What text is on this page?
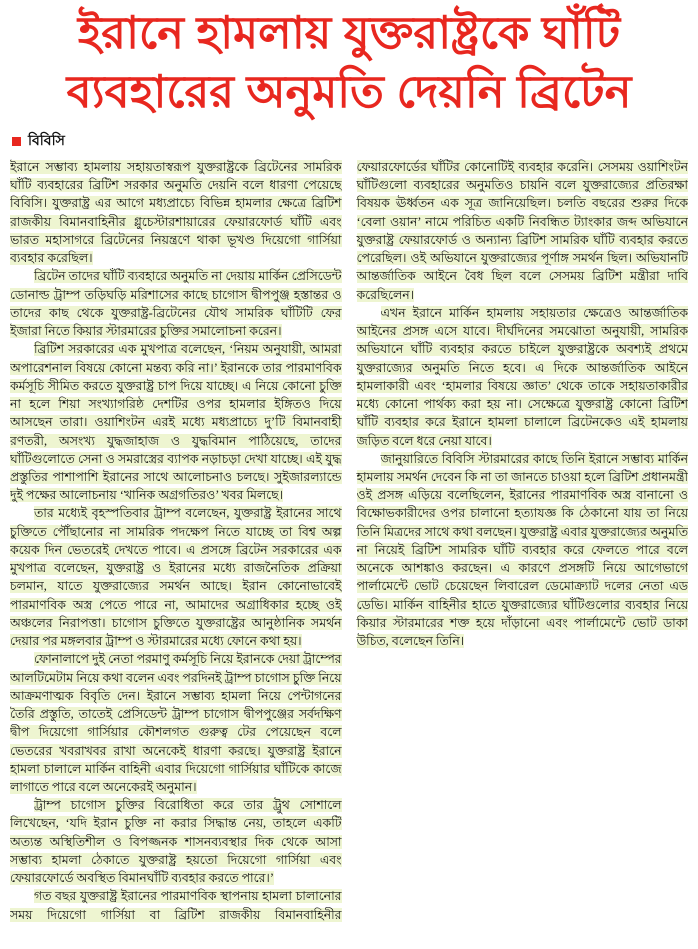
ইরানে হামলায় যুক্তরাষ্ট্রকে ঘাঁটি
ব্যবহারের অনুমতি দেয়নি ব্রিটেন
বিবিসি

ইরানে সম্ভাব্য হামলায় সহায়তাস্বরূপ যুক্তরাষ্ট্রকে ব্রিটেনের সামরিক ঘাঁটি ব্যবহারের ব্রিটিশ সরকার অনুমতি দেয়নি বলে ধারণা পেয়েছে বিবিসি। যুক্তরাষ্ট্র এর আগে মধ্যপ্রাচ্যে বিভিন্ন হামলার ক্ষেত্রে ব্রিটিশ রাজকীয় বিমানবাহিনীর গ্লুচেস্টারশায়ারের ফেয়ারফোর্ড ঘাঁটি এবং ভারত মহাসাগরে ব্রিটেনের নিয়ন্ত্রণে থাকা ভূখণ্ড দিয়েগো গার্সিয়া ব্যবহার করেছিল।

ব্রিটেন তাদের ঘাঁটি ব্যবহারে অনুমতি না দেয়ায় মার্কিন প্রেসিডেন্ট ডোনাল্ড ট্রাম্প তড়িঘড়ি মরিশাসের কাছে চাগোস দ্বীপপুঞ্জ হস্তান্তর ও তাদের কাছ থেকে যুক্তরাষ্ট্র-ব্রিটেনের যৌথ সামরিক ঘাঁটিটি ফের ইজারা নিতে কিয়ার স্টারমারের চুক্তির সমালোচনা করেন।

ব্রিটিশ সরকারের এক মুখপাত্র বলেছেন, ‘নিয়ম অনুযায়ী, আমরা অপারেশনাল বিষয়ে কোনো মন্তব্য করি না।’ ইরানকে তার পারমাণবিক কর্মসূচি সীমিত করতে যুক্তরাষ্ট্র চাপ দিয়ে যাচ্ছে। এ নিয়ে কোনো চুক্তি না হলে শিয়া সংখ্যাগরিষ্ঠ দেশটির ওপর হামলার ইঙ্গিতও দিয়ে আসছেন তারা। ওয়াশিংটন এরই মধ্যে মধ্যপ্রাচ্যে দু’টি বিমানবাহী রণতরী, অসংখ্য যুদ্ধজাহাজ ও যুদ্ধবিমান পাঠিয়েছে, তাদের ঘাঁটিগুলোতে সেনা ও সমরাস্ত্রের ব্যাপক নড়াচড়া দেখা যাচ্ছে। এই যুদ্ধ প্রস্তুতির পাশাপাশি ইরানের সাথে আলোচনাও চলছে। সুইজারল্যান্ডে দুই পক্ষের আলোচনায় ‘খানিক অগ্রগতিরও’ খবর মিলছে।

তার মধ্যেই বৃহস্পতিবার ট্রাম্প বলেছেন, যুক্তরাষ্ট্র ইরানের সাথে চুক্তিতে পৌঁছানোর না সামরিক পদক্ষেপ নিতে যাচ্ছে তা বিশ্ব অল্প কয়েক দিন ভেতরেই দেখতে পাবে। এ প্রসঙ্গে ব্রিটেন সরকারের এক মুখপাত্র বলেছেন, যুক্তরাষ্ট্র ও ইরানের মধ্যে রাজনৈতিক প্রক্রিয়া চলমান, যাতে যুক্তরাজ্যের সমর্থন আছে। ইরান কোনোভাবেই পারমাণবিক অস্ত্র পেতে পারে না, আমাদের অগ্রাধিকার হচ্ছে ওই অঞ্চলের নিরাপত্তা। চাগোস চুক্তিতে যুক্তরাষ্ট্রের আনুষ্ঠানিক সমর্থন দেয়ার পর মঙ্গলবার ট্রাম্প ও স্টারমারের মধ্যে ফোনে কথা হয়।

ফোনালাপে দুই নেতা পরমাণু কর্মসূচি নিয়ে ইরানকে দেয়া ট্রাম্পের আলটিমেটাম নিয়ে কথা বলেন এবং পরদিনই ট্রাম্প চাগোস চুক্তি নিয়ে আক্রমণাত্মক বিবৃতি দেন। ইরানে সম্ভাব্য হামলা নিয়ে পেন্টাগনের তৈরি প্রস্তুতি, তাতেই প্রেসিডেন্ট ট্রাম্প চাগোস দ্বীপপুঞ্জের সর্বদক্ষিণ দ্বীপ দিয়েগো গার্সিয়ার কৌশলগত গুরুত্ব টের পেয়েছেন বলে ভেতরের খবরাখবর রাখা অনেকেই ধারণা করছে। যুক্তরাষ্ট্র ইরানে হামলা চালালে মার্কিন বাহিনী এবার দিয়েগো গার্সিয়ার ঘাঁটিকে কাজে লাগাতে পারে বলে অনেকেরই অনুমান।

ট্রাম্প চাগোস চুক্তির বিরোধিতা করে তার ট্রুথ সোশালে লিখেছেন, ‘যদি ইরান চুক্তি না করার সিদ্ধান্ত নেয়, তাহলে একটি অত্যন্ত অস্থিতিশীল ও বিপজ্জনক শাসনব্যবস্থার দিক থেকে আসা সম্ভাব্য হামলা ঠেকাতে যুক্তরাষ্ট্র হয়তো দিয়েগো গার্সিয়া এবং ফেয়ারফোর্ডে অবস্থিত বিমানঘাঁটি ব্যবহার করতে পারে।’

গত বছর যুক্তরাষ্ট্র ইরানের পারমাণবিক স্থাপনায় হামলা চালানোর সময় দিয়েগো গার্সিয়া বা ব্রিটিশ রাজকীয় বিমানবাহিনীর ফেয়ারফোর্ডের ঘাঁটির কোনোটিই ব্যবহার করেনি। সেসময় ওয়াশিংটন ঘাঁটিগুলো ব্যবহারের অনুমতিও চায়নি বলে যুক্তরাজ্যের প্রতিরক্ষা বিষয়ক ঊর্ধ্বতন এক সূত্র জানিয়েছিল। চলতি বছরের শুরুর দিকে ‘বেলা ওয়ান’ নামে পরিচিত একটি নিবন্ধিত ট্যাংকার জব্দ অভিযানে যুক্তরাষ্ট্র ফেয়ারফোর্ড ও অন্যান্য ব্রিটিশ সামরিক ঘাঁটি ব্যবহার করতে পেরেছিল। ওই অভিযানে যুক্তরাজ্যের পূর্ণাঙ্গ সমর্থন ছিল। অভিযানটি আন্তর্জাতিক আইনে বৈধ ছিল বলে সেসময় ব্রিটিশ মন্ত্রীরা দাবি করেছিলেন।

এখন ইরানে মার্কিন হামলায় সহায়তার ক্ষেত্রেও আন্তর্জাতিক আইনের প্রসঙ্গ এসে যাবে। দীর্ঘদিনের সমঝোতা অনুযায়ী, সামরিক অভিযানে ঘাঁটি ব্যবহার করতে চাইলে যুক্তরাষ্ট্রকে অবশ্যই প্রথমে যুক্তরাজ্যের অনুমতি নিতে হবে। এ দিকে আন্তর্জাতিক আইনে হামলাকারী এবং ‘হামলার বিষয়ে জ্ঞাত’ থেকে তাকে সহায়তাকারীর মধ্যে কোনো পার্থক্য করা হয় না। সেক্ষেত্রে যুক্তরাষ্ট্র কোনো ব্রিটিশ ঘাঁটি ব্যবহার করে ইরানে হামলা চালালে ব্রিটেনকেও এই হামলায় জড়িত বলে ধরে নেয়া যাবে।

জানুয়ারিতে বিবিসি স্টারমারের কাছে তিনি ইরানে সম্ভাব্য মার্কিন হামলায় সমর্থন দেবেন কি না তা জানতে চাওয়া হলে ব্রিটিশ প্রধানমন্ত্রী ওই প্রসঙ্গ এড়িয়ে বলেছিলেন, ইরানের পারমাণবিক অস্ত্র বানানো ও বিক্ষোভকারীদের ওপর চালানো হত্যাযজ্ঞ কি ঠেকানো যায় তা নিয়ে তিনি মিত্রদের সাথে কথা বলছেন। যুক্তরাষ্ট্র এবার যুক্তরাজ্যের অনুমতি না নিয়েই ব্রিটিশ সামরিক ঘাঁটি ব্যবহার করে ফেলতে পারে বলে অনেকে আশঙ্কাও করছেন। এ কারণে প্রসঙ্গটি নিয়ে আগেভাগে পার্লামেন্টে ভোট চেয়েছেন লিবারেল ডেমোক্র্যাট দলের নেতা এড ডেভি। মার্কিন বাহিনীর হাতে যুক্তরাজ্যের ঘাঁটিগুলোর ব্যবহার নিয়ে কিয়ার স্টারমারের শক্ত হয়ে দাঁড়ানো এবং পার্লামেন্টে ভোট ডাকা উচিত, বলেছেন তিনি।
